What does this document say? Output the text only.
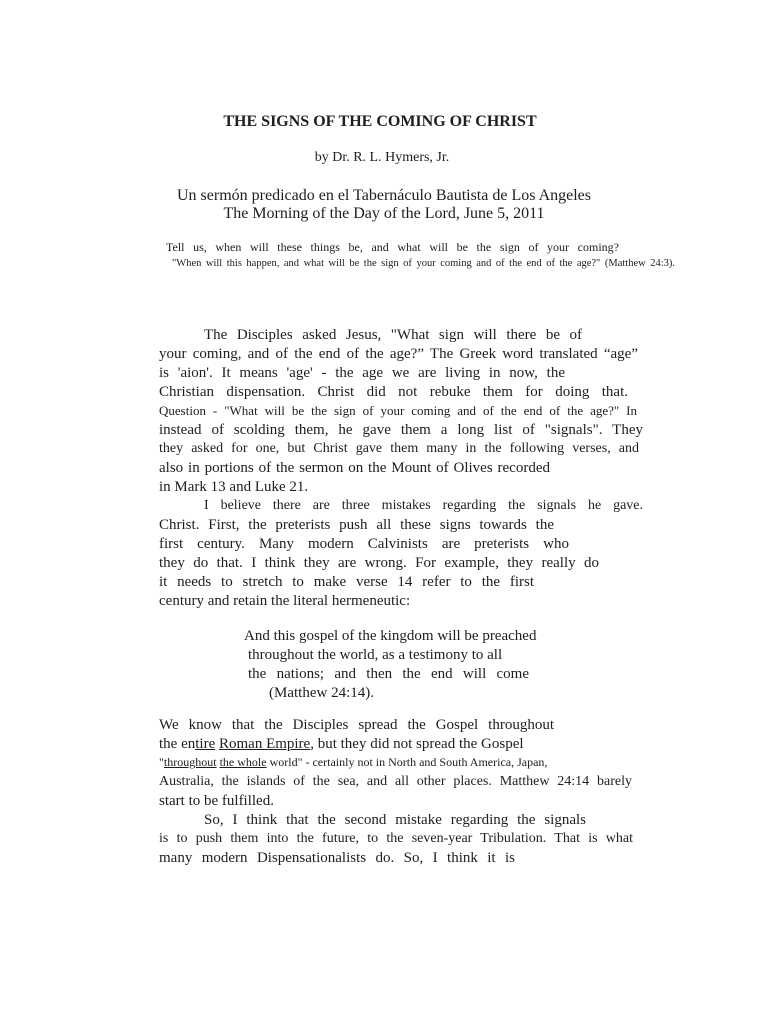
THE SIGNS OF THE COMING OF CHRIST
by Dr. R. L. Hymers, Jr.
Un sermón predicado en el Tabernáculo Bautista de Los Angeles
The Morning of the Day of the Lord, June 5, 2011
Tell us, when will these things be, and what will be the sign of your coming?
"When will this happen, and what will be the sign of your coming and of the end of the age?" (Matthew 24:3).
The Disciples asked Jesus, "What sign will there be of
your coming, and of the end of the age?” The Greek word translated “age”
is 'aion'. It means 'age' - the age we are living in now, the
Christian dispensation. Christ did not rebuke them for doing that.
Question - "What will be the sign of your coming and of the end of the age?" In
instead of scolding them, he gave them a long list of "signals". They
they asked for one, but Christ gave them many in the following verses, and
also in portions of the sermon on the Mount of Olives recorded
in Mark 13 and Luke 21.
I believe there are three mistakes regarding the signals he gave.
Christ. First, the preterists push all these signs towards the
first century. Many modern Calvinists are preterists who
they do that. I think they are wrong. For example, they really do
it needs to stretch to make verse 14 refer to the first
century and retain the literal hermeneutic:
And this gospel of the kingdom will be preached
throughout the world, as a testimony to all
the nations; and then the end will come
(Matthew 24:14).
We know that the Disciples spread the Gospel throughout
the entire Roman Empire, but they did not spread the Gospel
"throughout the whole world" - certainly not in North and South America, Japan,
Australia, the islands of the sea, and all other places. Matthew 24:14 barely
start to be fulfilled.
So, I think that the second mistake regarding the signals
is to push them into the future, to the seven-year Tribulation. That is what
many modern Dispensationalists do. So, I think it is
